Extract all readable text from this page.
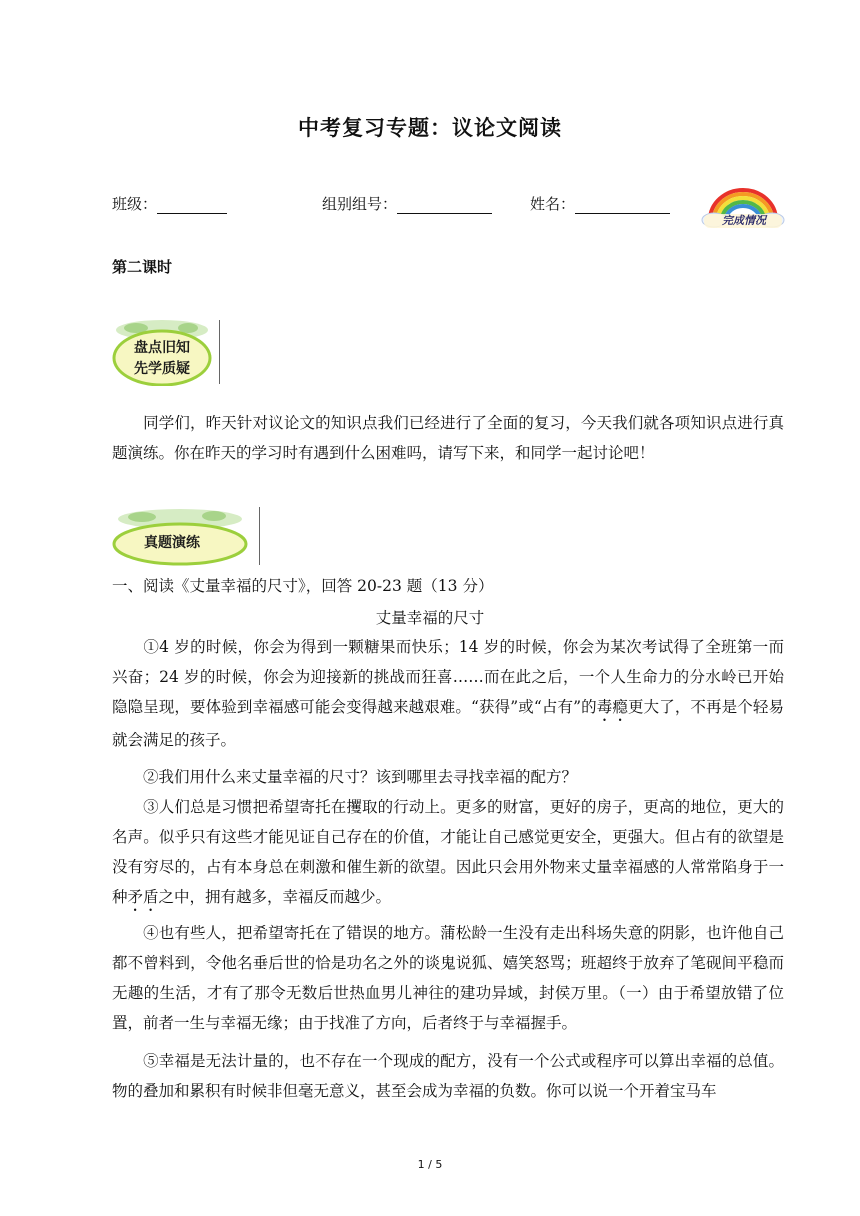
中考复习专题：议论文阅读
班级：	组别组号：	姓名：
完成情况
第二课时
盘点旧知
先学质疑
同学们，昨天针对议论文的知识点我们已经进行了全面的复习，今天我们就各项知识点进行真题演练。你在昨天的学习时有遇到什么困难吗，请写下来，和同学一起讨论吧！
真题演练
一、阅读《丈量幸福的尺寸》，回答 20-23 题（13 分）
丈量幸福的尺寸
①4 岁的时候，你会为得到一颗糖果而快乐；14 岁的时候，你会为某次考试得了全班第一而兴奋；24 岁的时候，你会为迎接新的挑战而狂喜……而在此之后，一个人生命力的分水岭已开始隐隐呈现，要体验到幸福感可能会变得越来越艰难。“获得”或“占有”的毒瘾更大了，不再是个轻易就会满足的孩子。
②我们用什么来丈量幸福的尺寸？该到哪里去寻找幸福的配方？
③人们总是习惯把希望寄托在攫取的行动上。更多的财富，更好的房子，更高的地位，更大的名声。似乎只有这些才能见证自己存在的价值，才能让自己感觉更安全，更强大。但占有的欲望是没有穷尽的，占有本身总在刺激和催生新的欲望。因此只会用外物来丈量幸福感的人常常陷身于一种矛盾之中，拥有越多，幸福反而越少。
④也有些人，把希望寄托在了错误的地方。蒲松龄一生没有走出科场失意的阴影，也许他自己都不曾料到，令他名垂后世的恰是功名之外的谈鬼说狐、嬉笑怒骂；班超终于放弃了笔砚间平稳而无趣的生活，才有了那令无数后世热血男儿神往的建功异域，封侯万里。（一）由于希望放错了位置，前者一生与幸福无缘；由于找准了方向，后者终于与幸福握手。
⑤幸福是无法计量的，也不存在一个现成的配方，没有一个公式或程序可以算出幸福的总值。物的叠加和累积有时候非但毫无意义，甚至会成为幸福的负数。你可以说一个开着宝马车
1 / 5
